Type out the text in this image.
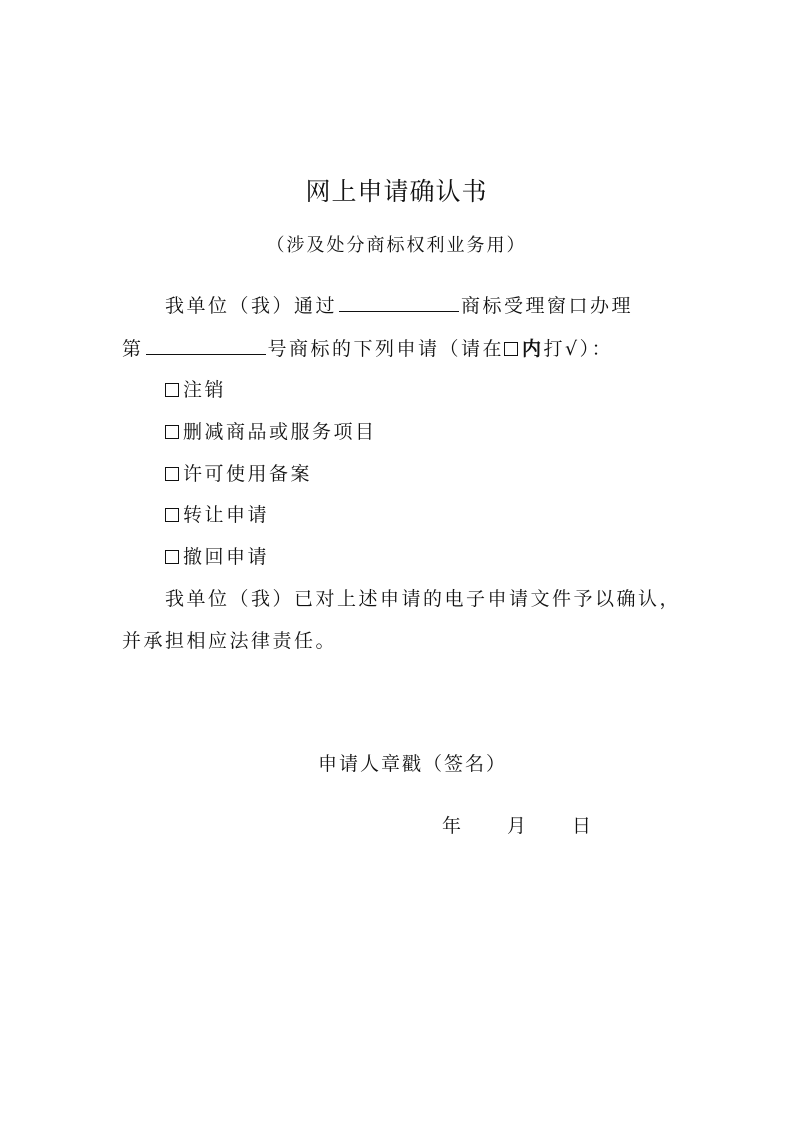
网上申请确认书
（涉及处分商标权利业务用）
我单位（我）通过	商标受理窗口办理
第	号商标的下列申请（请在 内打√）：
注销
删减商品或服务项目
许可使用备案
转让申请
撤回申请
我单位（我）已对上述申请的电子申请文件予以确认，
并承担相应法律责任。
申请人章戳（签名）
年 月 日
